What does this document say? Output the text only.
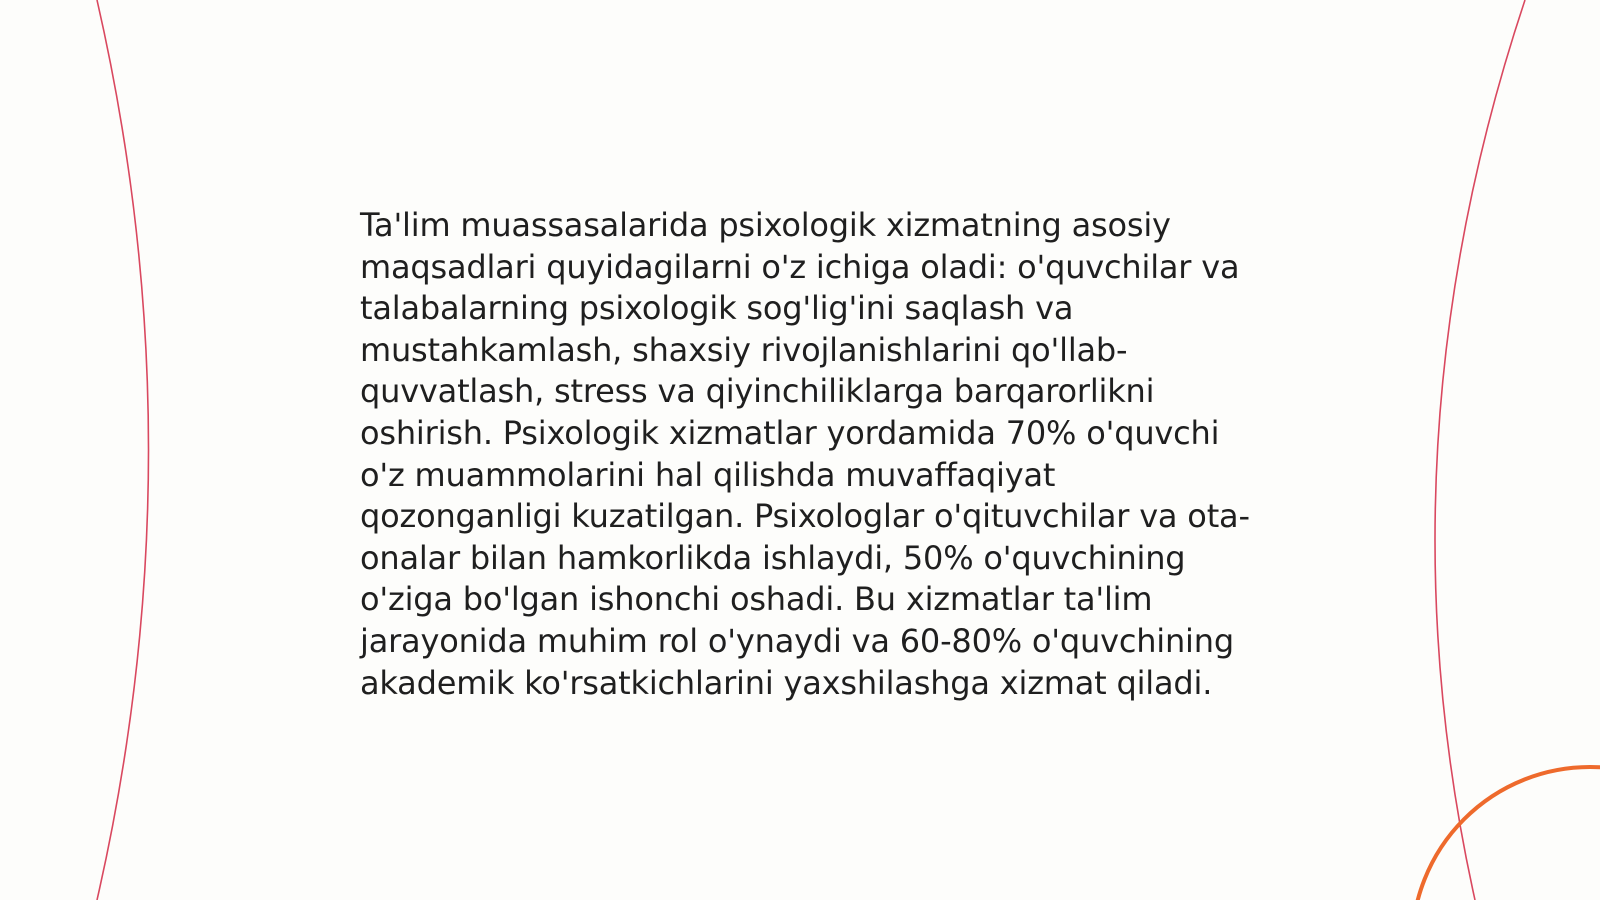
Ta'lim muassasalarida psixologik xizmatning asosiy maqsadlari quyidagilarni o'z ichiga oladi: o'quvchilar va talabalarning psixologik sog'lig'ini saqlash va mustahkamlash, shaxsiy rivojlanishlarini qo'llab-quvvatlash, stress va qiyinchiliklarga barqarorlikni oshirish. Psixologik xizmatlar yordamida 70% o'quvchi o'z muammolarini hal qilishda muvaffaqiyat qozonganligi kuzatilgan. Psixologlar o'qituvchilar va ota-onalar bilan hamkorlikda ishlaydi, 50% o'quvchining o'ziga bo'lgan ishonchi oshadi. Bu xizmatlar ta'lim jarayonida muhim rol o'ynaydi va 60-80% o'quvchining akademik ko'rsatkichlarini yaxshilashga xizmat qiladi.
